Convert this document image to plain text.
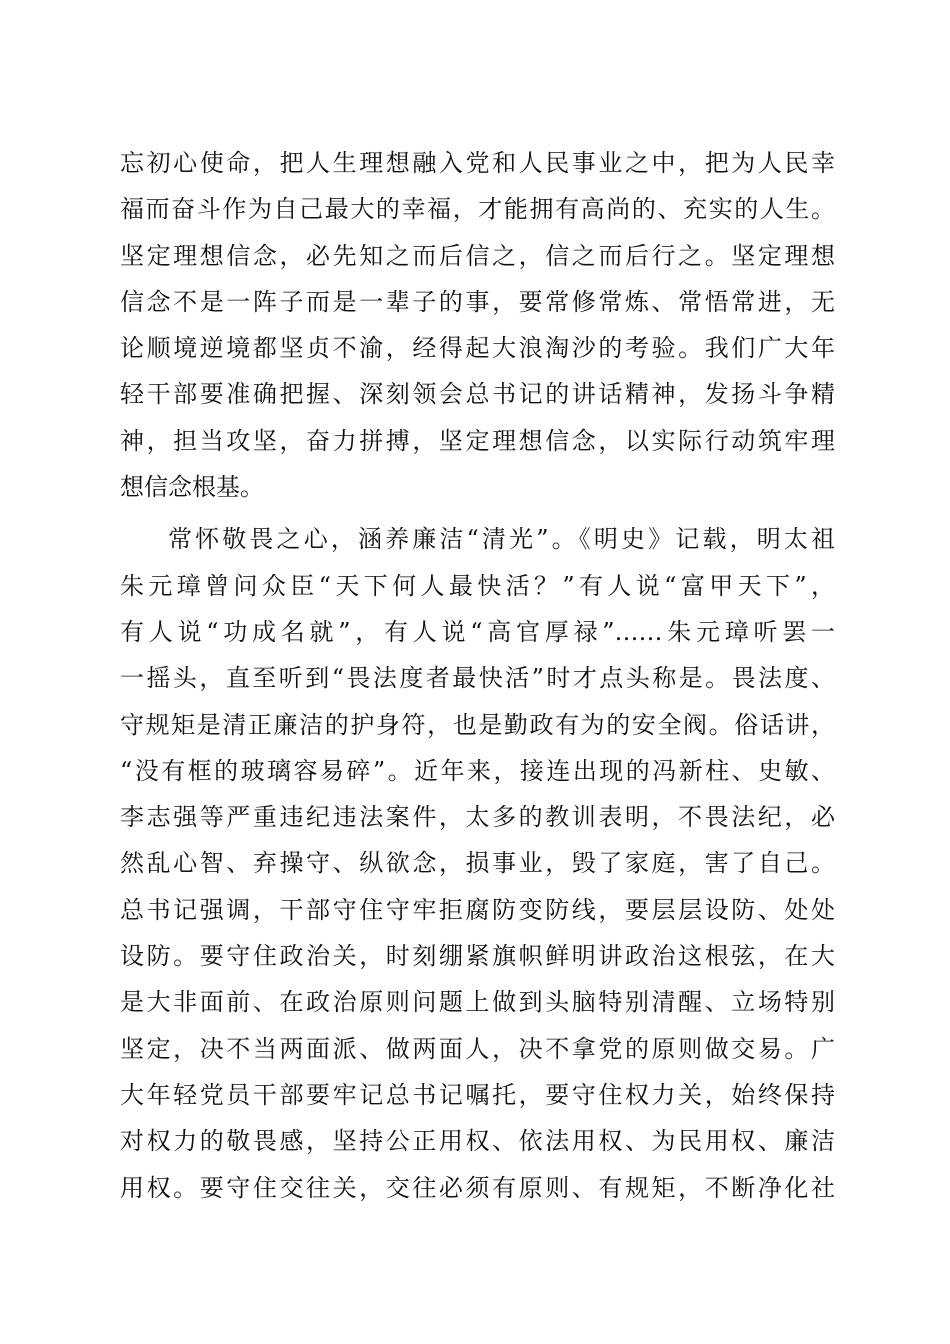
忘初心使命，把人生理想融入党和人民事业之中，把为人民幸
福而奋斗作为自己最大的幸福，才能拥有高尚的、充实的人生。
坚定理想信念，必先知之而后信之，信之而后行之。坚定理想
信念不是一阵子而是一辈子的事，要常修常炼、常悟常进，无
论顺境逆境都坚贞不渝，经得起大浪淘沙的考验。我们广大年
轻干部要准确把握、深刻领会总书记的讲话精神，发扬斗争精
神，担当攻坚，奋力拼搏，坚定理想信念，以实际行动筑牢理
想信念根基。
常怀敬畏之心，涵养廉洁“清光”。《明史》记载，明太祖
朱元璋曾问众臣“天下何人最快活？”有人说“富甲天下”，
有人说“功成名就”，有人说“高官厚禄”……朱元璋听罢一
一摇头，直至听到“畏法度者最快活”时才点头称是。畏法度、
守规矩是清正廉洁的护身符，也是勤政有为的安全阀。俗话讲，
“没有框的玻璃容易碎”。近年来，接连出现的冯新柱、史敏、
李志强等严重违纪违法案件，太多的教训表明，不畏法纪，必
然乱心智、弃操守、纵欲念，损事业，毁了家庭，害了自己。
总书记强调，干部守住守牢拒腐防变防线，要层层设防、处处
设防。要守住政治关，时刻绷紧旗帜鲜明讲政治这根弦，在大
是大非面前、在政治原则问题上做到头脑特别清醒、立场特别
坚定，决不当两面派、做两面人，决不拿党的原则做交易。广
大年轻党员干部要牢记总书记嘱托，要守住权力关，始终保持
对权力的敬畏感，坚持公正用权、依法用权、为民用权、廉洁
用权。要守住交往关，交往必须有原则、有规矩，不断净化社
